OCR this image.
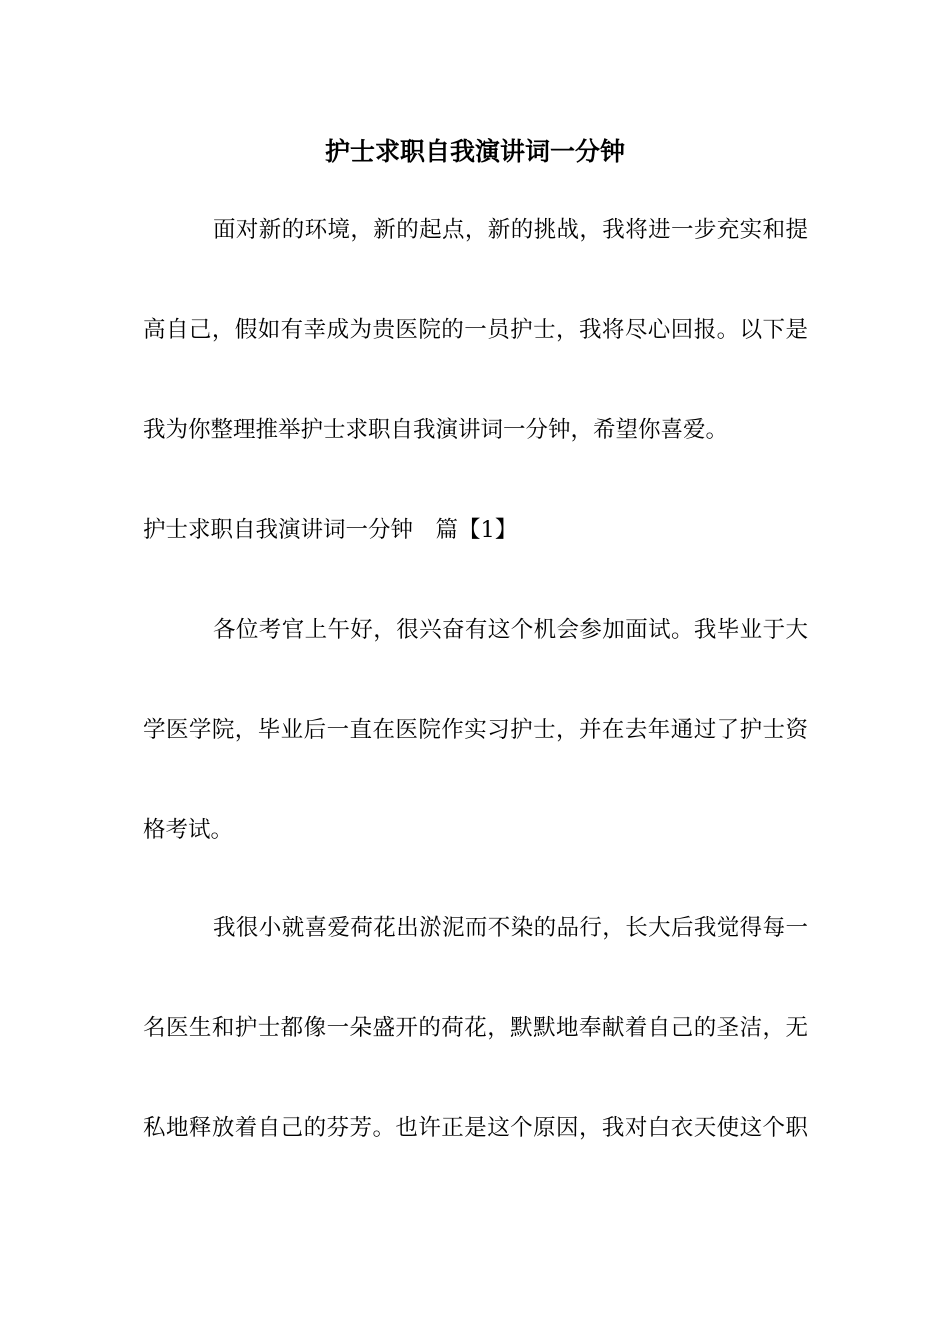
护士求职自我演讲词一分钟

面对新的环境，新的起点，新的挑战，我将进一步充实和提

高自己，假如有幸成为贵医院的一员护士，我将尽心回报。以下是

我为你整理推举护士求职自我演讲词一分钟，希望你喜爱。

护士求职自我演讲词一分钟　篇【1】

各位考官上午好，很兴奋有这个机会参加面试。我毕业于大

学医学院，毕业后一直在医院作实习护士，并在去年通过了护士资

格考试。

我很小就喜爱荷花出淤泥而不染的品行，长大后我觉得每一

名医生和护士都像一朵盛开的荷花，默默地奉献着自己的圣洁，无

私地释放着自己的芬芳。也许正是这个原因，我对白衣天使这个职
